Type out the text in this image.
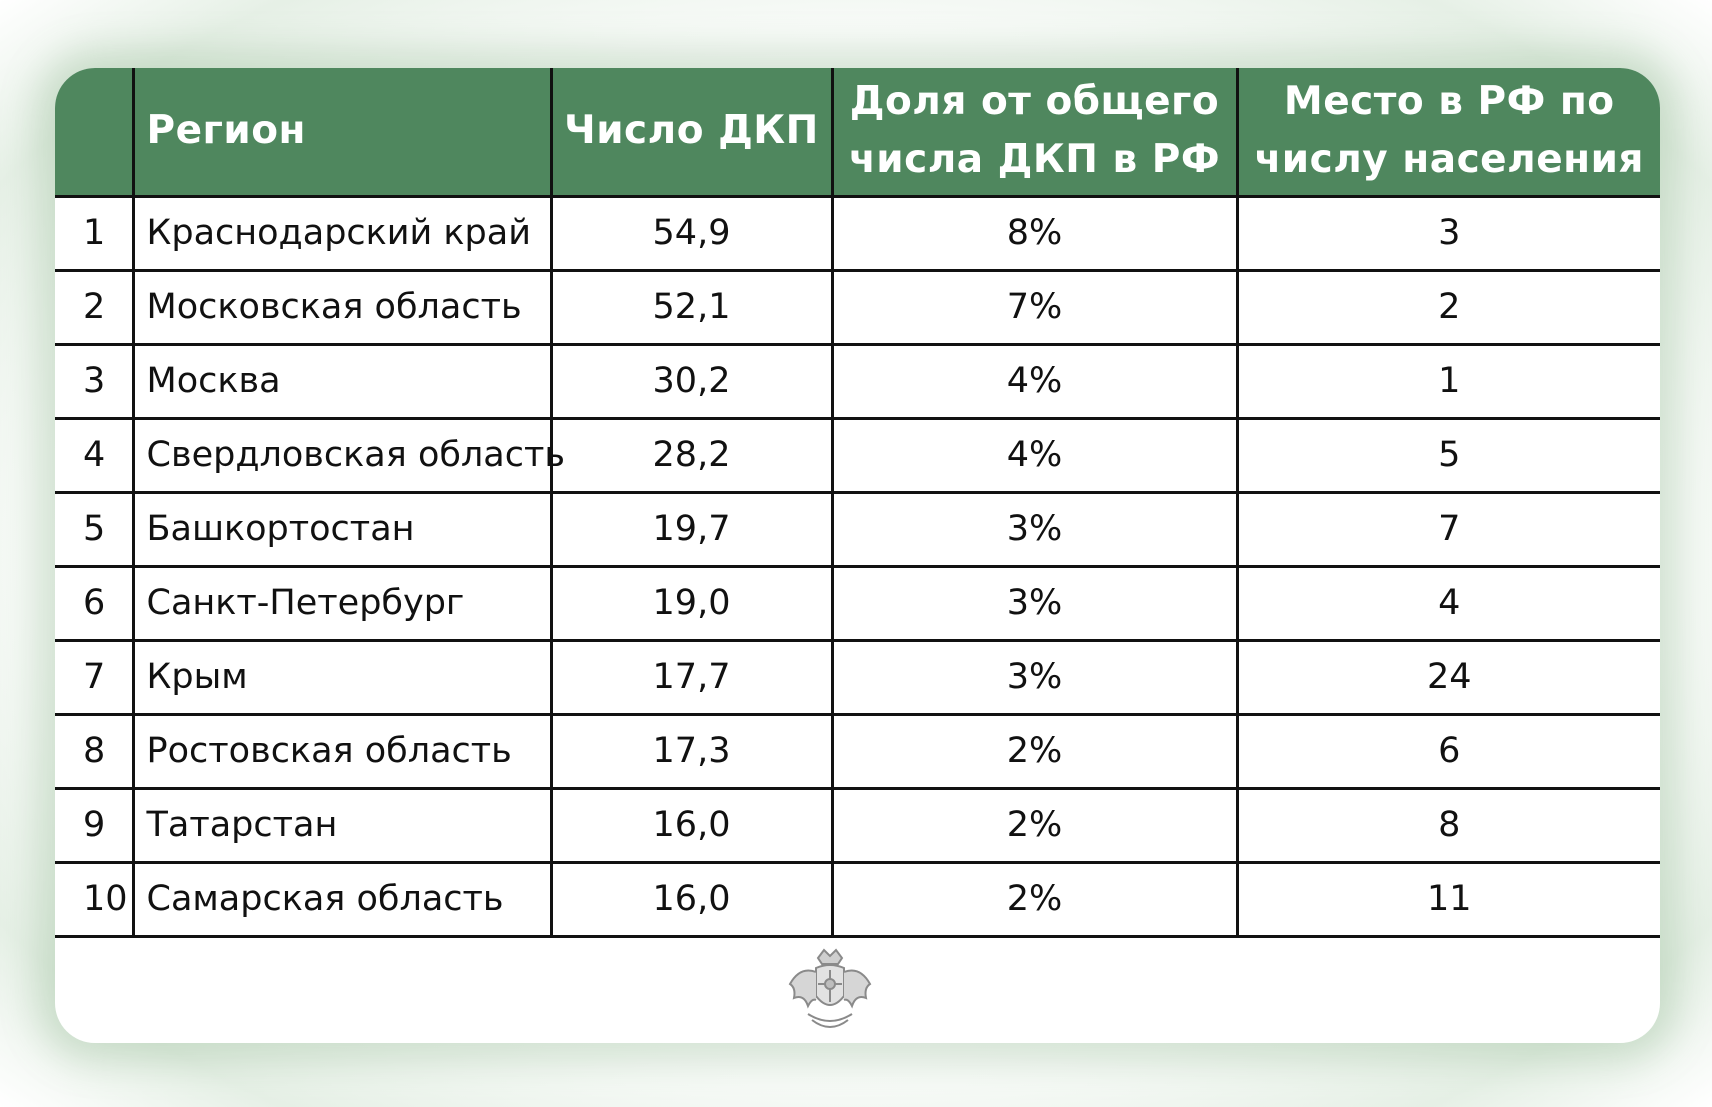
	Регион	Число ДКП	Доля от общего числа ДКП в РФ	Место в РФ по числу населения
1	Краснодарский край	54,9	8%	3
2	Московская область	52,1	7%	2
3	Москва	30,2	4%	1
4	Свердловская область	28,2	4%	5
5	Башкортостан	19,7	3%	7
6	Санкт-Петербург	19,0	3%	4
7	Крым	17,7	3%	24
8	Ростовская область	17,3	2%	6
9	Татарстан	16,0	2%	8
10	Самарская область	16,0	2%	11
